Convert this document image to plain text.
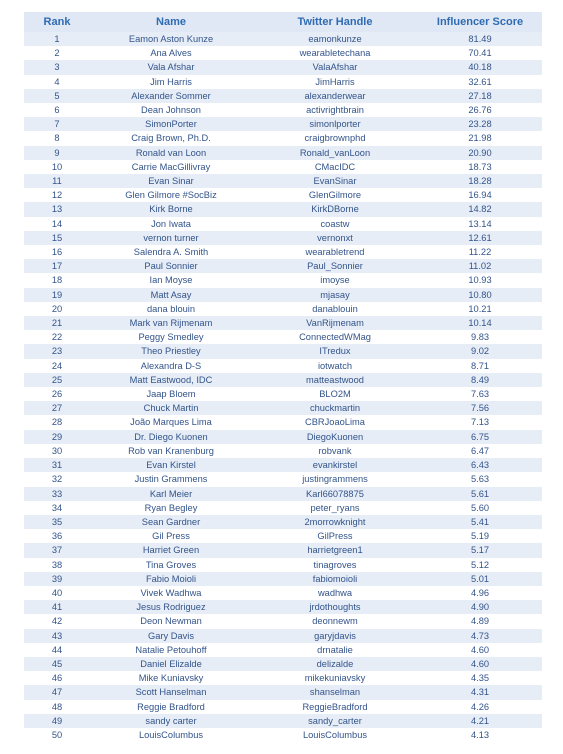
Rank	Name	Twitter Handle	Influencer Score
1	Eamon Aston Kunze	eamonkunze	81.49
2	Ana Alves	wearabletechana	70.41
3	Vala Afshar	ValaAfshar	40.18
4	Jim Harris	JimHarris	32.61
5	Alexander Sommer	alexanderwear	27.18
6	Dean Johnson	activrightbrain	26.76
7	SimonPorter	simonlporter	23.28
8	Craig Brown, Ph.D.	craigbrownphd	21.98
9	Ronald van Loon	Ronald_vanLoon	20.90
10	Carrie MacGillivray	CMacIDC	18.73
11	Evan Sinar	EvanSinar	18.28
12	Glen Gilmore #SocBiz	GlenGilmore	16.94
13	Kirk Borne	KirkDBorne	14.82
14	Jon Iwata	coastw	13.14
15	vernon turner	vernonxt	12.61
16	Salendra A. Smith	wearabletrend	11.22
17	Paul Sonnier	Paul_Sonnier	11.02
18	Ian Moyse	imoyse	10.93
19	Matt Asay	mjasay	10.80
20	dana blouin	danablouin	10.21
21	Mark van Rijmenam	VanRijmenam	10.14
22	Peggy Smedley	ConnectedWMag	9.83
23	Theo Priestley	ITredux	9.02
24	Alexandra D-S	iotwatch	8.71
25	Matt Eastwood, IDC	matteastwood	8.49
26	Jaap Bloem	BLO2M	7.63
27	Chuck Martin	chuckmartin	7.56
28	João Marques Lima	CBRJoaoLima	7.13
29	Dr. Diego Kuonen	DiegoKuonen	6.75
30	Rob van Kranenburg	robvank	6.47
31	Evan Kirstel	evankirstel	6.43
32	Justin Grammens	justingrammens	5.63
33	Karl Meier	Karl66078875	5.61
34	Ryan Begley	peter_ryans	5.60
35	Sean Gardner	2morrowknight	5.41
36	Gil Press	GilPress	5.19
37	Harriet Green	harrietgreen1	5.17
38	Tina Groves	tinagroves	5.12
39	Fabio Moioli	fabiomoioli	5.01
40	Vivek Wadhwa	wadhwa	4.96
41	Jesus Rodriguez	jrdothoughts	4.90
42	Deon Newman	deonnewm	4.89
43	Gary Davis	garyjdavis	4.73
44	Natalie Petouhoff	drnatalie	4.60
45	Daniel Elizalde	delizalde	4.60
46	Mike Kuniavsky	mikekuniavsky	4.35
47	Scott Hanselman	shanselman	4.31
48	Reggie Bradford	ReggieBradford	4.26
49	sandy carter	sandy_carter	4.21
50	LouisColumbus	LouisColumbus	4.13
